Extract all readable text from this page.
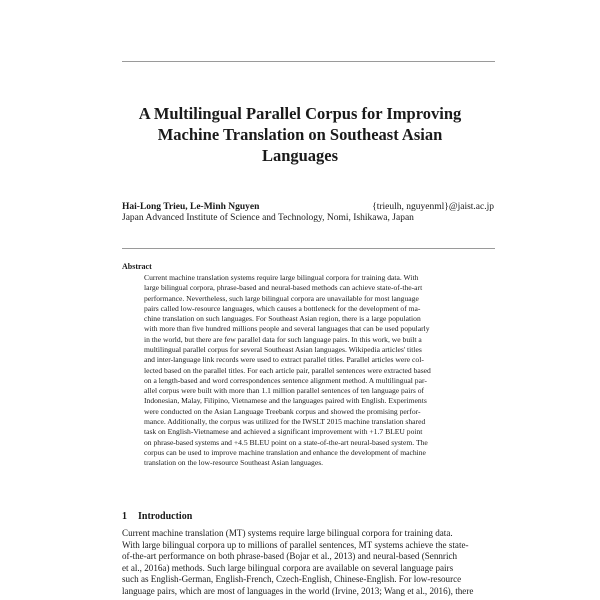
A Multilingual Parallel Corpus for Improving
Machine Translation on Southeast Asian
Languages
Hai-Long Trieu, Le-Minh Nguyen	{trieulh, nguyenml}@jaist.ac.jp
Japan Advanced Institute of Science and Technology, Nomi, Ishikawa, Japan
Abstract
Current machine translation systems require large bilingual corpora for training data. With
large bilingual corpora, phrase-based and neural-based methods can achieve state-of-the-art
performance. Nevertheless, such large bilingual corpora are unavailable for most language
pairs called low-resource languages, which causes a bottleneck for the development of ma-
chine translation on such languages. For Southeast Asian region, there is a large population
with more than five hundred millions people and several languages that can be used popularly
in the world, but there are few parallel data for such language pairs. In this work, we built a
multilingual parallel corpus for several Southeast Asian languages. Wikipedia articles' titles
and inter-language link records were used to extract parallel titles. Parallel articles were col-
lected based on the parallel titles. For each article pair, parallel sentences were extracted based
on a length-based and word correspondences sentence alignment method. A multilingual par-
allel corpus were built with more than 1.1 million parallel sentences of ten language pairs of
Indonesian, Malay, Filipino, Vietnamese and the languages paired with English. Experiments
were conducted on the Asian Language Treebank corpus and showed the promising perfor-
mance. Additionally, the corpus was utilized for the IWSLT 2015 machine translation shared
task on English-Vietnamese and achieved a significant improvement with +1.7 BLEU point
on phrase-based systems and +4.5 BLEU point on a state-of-the-art neural-based system. The
corpus can be used to improve machine translation and enhance the development of machine
translation on the low-resource Southeast Asian languages.
1 Introduction
Current machine translation (MT) systems require large bilingual corpora for training data.
With large bilingual corpora up to millions of parallel sentences, MT systems achieve the state-
of-the-art performance on both phrase-based (Bojar et al., 2013) and neural-based (Sennrich
et al., 2016a) methods. Such large bilingual corpora are available on several language pairs
such as English-German, English-French, Czech-English, Chinese-English. For low-resource
language pairs, which are most of languages in the world (Irvine, 2013; Wang et al., 2016), there
